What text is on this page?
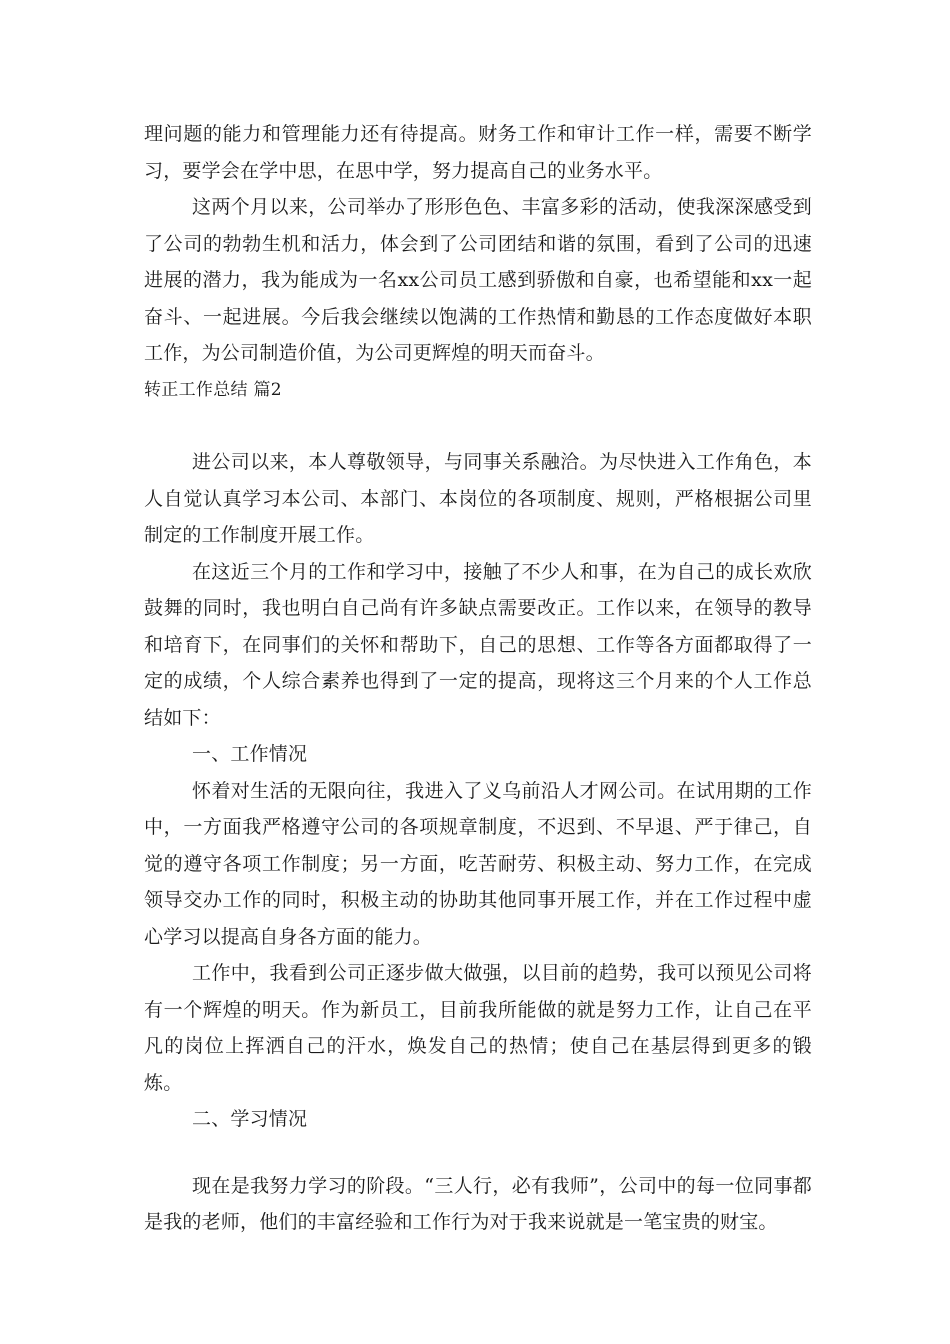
理问题的能力和管理能力还有待提高。财务工作和审计工作一样，需要不断学习，要学会在学中思，在思中学，努力提高自己的业务水平。

这两个月以来，公司举办了形形色色、丰富多彩的活动，使我深深感受到了公司的勃勃生机和活力，体会到了公司团结和谐的氛围，看到了公司的迅速进展的潜力，我为能成为一名xx公司员工感到骄傲和自豪，也希望能和xx一起奋斗、一起进展。今后我会继续以饱满的工作热情和勤恳的工作态度做好本职工作，为公司制造价值，为公司更辉煌的明天而奋斗。

转正工作总结 篇2

进公司以来，本人尊敬领导，与同事关系融洽。为尽快进入工作角色，本人自觉认真学习本公司、本部门、本岗位的各项制度、规则，严格根据公司里制定的工作制度开展工作。

在这近三个月的工作和学习中，接触了不少人和事，在为自己的成长欢欣鼓舞的同时，我也明白自己尚有许多缺点需要改正。工作以来，在领导的教导和培育下，在同事们的关怀和帮助下，自己的思想、工作等各方面都取得了一定的成绩，个人综合素养也得到了一定的提高，现将这三个月来的个人工作总结如下：

一、工作情况

怀着对生活的无限向往，我进入了义乌前沿人才网公司。在试用期的工作中，一方面我严格遵守公司的各项规章制度，不迟到、不早退、严于律己，自觉的遵守各项工作制度；另一方面，吃苦耐劳、积极主动、努力工作，在完成领导交办工作的同时，积极主动的协助其他同事开展工作，并在工作过程中虚心学习以提高自身各方面的能力。

工作中，我看到公司正逐步做大做强，以目前的趋势，我可以预见公司将有一个辉煌的明天。作为新员工，目前我所能做的就是努力工作，让自己在平凡的岗位上挥洒自己的汗水，焕发自己的热情；使自己在基层得到更多的锻炼。

二、学习情况

现在是我努力学习的阶段。“三人行，必有我师”，公司中的每一位同事都是我的老师，他们的丰富经验和工作行为对于我来说就是一笔宝贵的财宝。
